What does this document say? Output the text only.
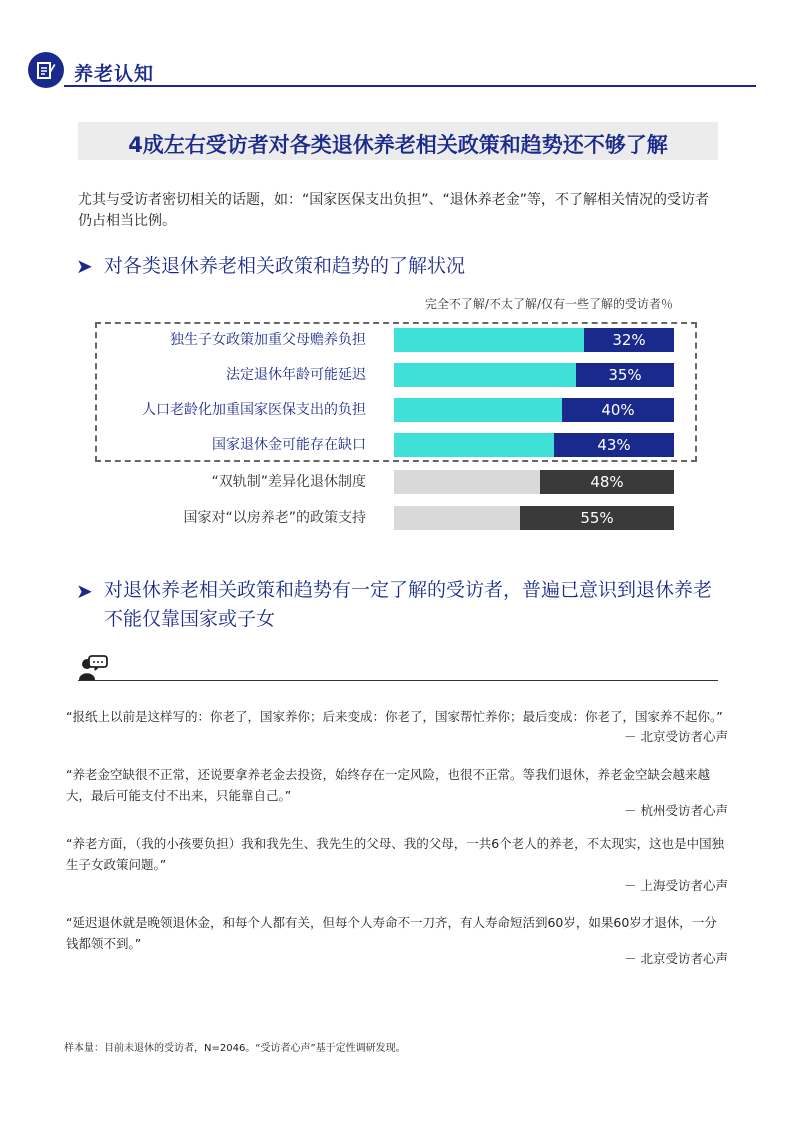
养老认知
4成左右受访者对各类退休养老相关政策和趋势还不够了解
尤其与受访者密切相关的话题，如：“国家医保支出负担”、“退休养老金”等，不了解相关情况的受访者仍占相当比例。
➤ 对各类退休养老相关政策和趋势的了解状况
完全不了解/不太了解/仅有一些了解的受访者％
独生子女政策加重父母赡养负担	32%
法定退休年龄可能延迟	35%
人口老龄化加重国家医保支出的负担	40%
国家退休金可能存在缺口	43%
“双轨制”差异化退休制度	48%
国家对“以房养老”的政策支持	55%
➤ 对退休养老相关政策和趋势有一定了解的受访者，普遍已意识到退休养老不能仅靠国家或子女
“报纸上以前是这样写的：你老了，国家养你；后来变成：你老了，国家帮忙养你；最后变成：你老了，国家养不起你。”
－ 北京受访者心声
“养老金空缺很不正常，还说要拿养老金去投资，始终存在一定风险，也很不正常。等我们退休，养老金空缺会越来越大，最后可能支付不出来，只能靠自己。”
－ 杭州受访者心声
“养老方面，（我的小孩要负担）我和我先生、我先生的父母、我的父母，一共6个老人的养老，不太现实，这也是中国独生子女政策问题。”
－ 上海受访者心声
“延迟退休就是晚领退休金，和每个人都有关，但每个人寿命不一刀齐，有人寿命短活到60岁，如果60岁才退休，一分钱都领不到。”
－ 北京受访者心声
样本量：目前未退休的受访者，N=2046。“受访者心声”基于定性调研发现。
